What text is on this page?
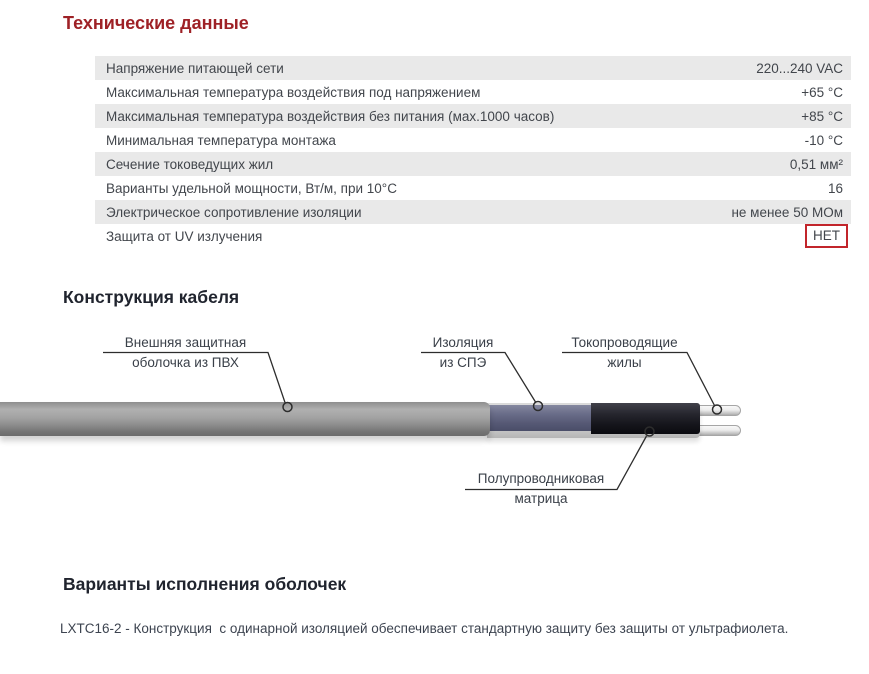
Технические данные
Напряжение питающей сети	220...240 VAC
Максимальная температура воздействия под напряжением	+65 °C
Максимальная температура воздействия без питания (мах.1000 часов)	+85 °C
Минимальная температура монтажа	-10 °C
Сечение токоведущих жил	0,51 мм²
Варианты удельной мощности, Вт/м, при 10°C	16
Электрическое сопротивление изоляции	не менее 50 МОм
Защита от UV излучения	НЕТ
Конструкция кабеля
Внешняя защитная
оболочка из ПВХ
Изоляция
из СПЭ
Токопроводящие
жилы
Полупроводниковая
матрица
Варианты исполнения оболочек
LXTC16-2 - Конструкция  с одинарной изоляцией обеспечивает стандартную защиту без защиты от ультрафиолета.
